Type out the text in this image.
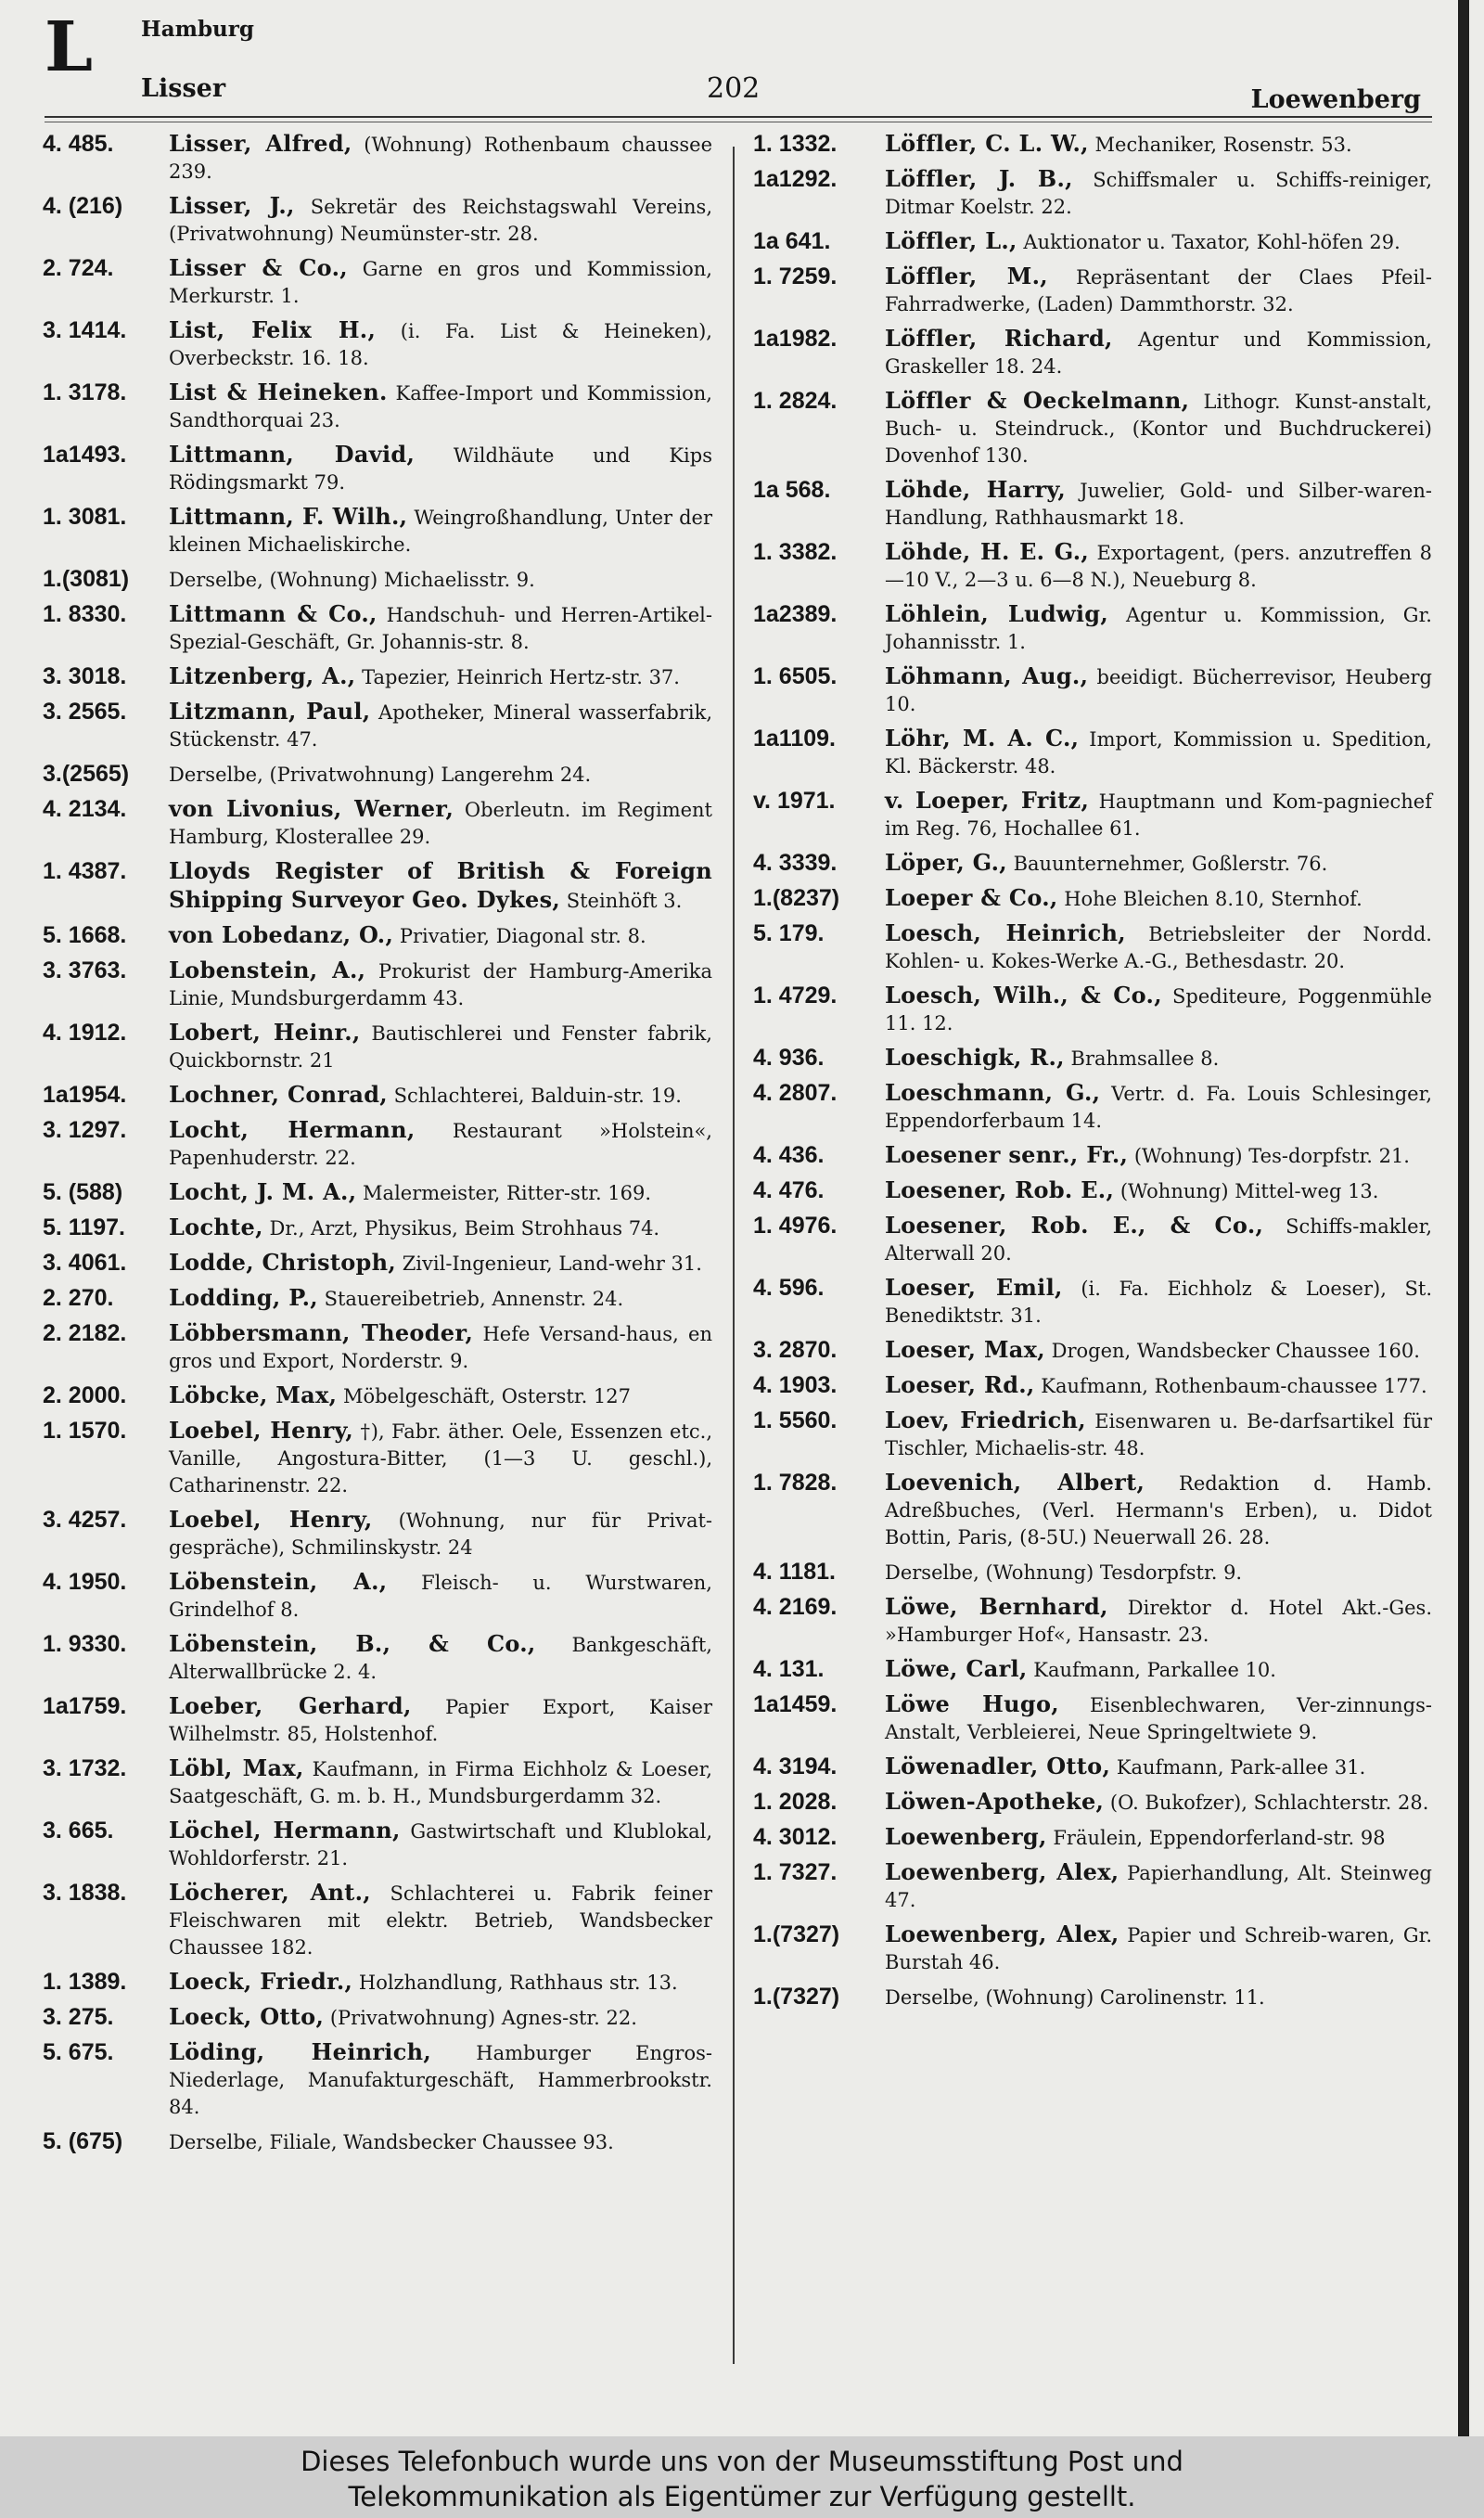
L Hamburg
Lisser	202	Loewenberg
4. 485.	Lisser, Alfred, (Wohnung) Rothenbaum chaussee 239.
4. (216)	Lisser, J., Sekretär des Reichstagswahl Vereins, (Privatwohnung) Neumünster-str. 28.
2. 724.	Lisser & Co., Garne en gros und Kommission, Merkurstr. 1.
3. 1414.	List, Felix H., (i. Fa. List & Heineken), Overbeckstr. 16. 18.
1. 3178.	List & Heineken. Kaffee-Import und Kommission, Sandthorquai 23.
1a1493.	Littmann, David, Wildhäute und Kips Rödingsmarkt 79.
1. 3081.	Littmann, F. Wilh., Weingroßhandlung, Unter der kleinen Michaeliskirche.
1.(3081)	Derselbe, (Wohnung) Michaelisstr. 9.
1. 8330.	Littmann & Co., Handschuh- und Herren-Artikel-Spezial-Geschäft, Gr. Johannis-str. 8.
3. 3018.	Litzenberg, A., Tapezier, Heinrich Hertz-str. 37.
3. 2565.	Litzmann, Paul, Apotheker, Mineral wasserfabrik, Stückenstr. 47.
3.(2565)	Derselbe, (Privatwohnung) Langerehm 24.
4. 2134.	von Livonius, Werner, Oberleutn. im Regiment Hamburg, Klosterallee 29.
1. 4387.	Lloyds Register of British & Foreign Shipping Surveyor Geo. Dykes, Steinhöft 3.
5. 1668.	von Lobedanz, O., Privatier, Diagonal str. 8.
3. 3763.	Lobenstein, A., Prokurist der Hamburg-Amerika Linie, Mundsburgerdamm 43.
4. 1912.	Lobert, Heinr., Bautischlerei und Fenster fabrik, Quickbornstr. 21
1a1954.	Lochner, Conrad, Schlachterei, Balduin-str. 19.
3. 1297.	Locht, Hermann, Restaurant »Holstein«, Papenhuderstr. 22.
5. (588)	Locht, J. M. A., Malermeister, Ritter-str. 169.
5. 1197.	Lochte, Dr., Arzt, Physikus, Beim Strohhaus 74.
3. 4061.	Lodde, Christoph, Zivil-Ingenieur, Land-wehr 31.
2. 270.	Lodding, P., Stauereibetrieb, Annenstr. 24.
2. 2182.	Löbbersmann, Theoder, Hefe Versand-haus, en gros und Export, Norderstr. 9.
2. 2000.	Löbcke, Max, Möbelgeschäft, Osterstr. 127
1. 1570.	Loebel, Henry, †), Fabr. äther. Oele, Essenzen etc., Vanille, Angostura-Bitter, (1—3 U. geschl.), Catharinenstr. 22.
3. 4257.	Loebel, Henry, (Wohnung, nur für Privat-gespräche), Schmilinskystr. 24
4. 1950.	Löbenstein, A., Fleisch- u. Wurstwaren, Grindelhof 8.
1. 9330.	Löbenstein, B., & Co., Bankgeschäft, Alterwallbrücke 2. 4.
1a1759.	Loeber, Gerhard, Papier Export, Kaiser Wilhelmstr. 85, Holstenhof.
3. 1732.	Löbl, Max, Kaufmann, in Firma Eichholz & Loeser, Saatgeschäft, G. m. b. H., Mundsburgerdamm 32.
3. 665.	Löchel, Hermann, Gastwirtschaft und Klublokal, Wohldorferstr. 21.
3. 1838.	Löcherer, Ant., Schlachterei u. Fabrik feiner Fleischwaren mit elektr. Betrieb, Wandsbecker Chaussee 182.
1. 1389.	Loeck, Friedr., Holzhandlung, Rathhaus str. 13.
3. 275.	Loeck, Otto, (Privatwohnung) Agnes-str. 22.
5. 675.	Löding, Heinrich, Hamburger Engros-Niederlage, Manufakturgeschäft, Hammerbrookstr. 84.
5. (675)	Derselbe, Filiale, Wandsbecker Chaussee 93.
1. 1332.	Löffler, C. L. W., Mechaniker, Rosenstr. 53.
1a1292.	Löffler, J. B., Schiffsmaler u. Schiffs-reiniger, Ditmar Koelstr. 22.
1a 641.	Löffler, L., Auktionator u. Taxator, Kohl-höfen 29.
1. 7259.	Löffler, M., Repräsentant der Claes Pfeil-Fahrradwerke, (Laden) Dammthorstr. 32.
1a1982.	Löffler, Richard, Agentur und Kommission, Graskeller 18. 24.
1. 2824.	Löffler & Oeckelmann, Lithogr. Kunst-anstalt, Buch- u. Steindruck., (Kontor und Buchdruckerei) Dovenhof 130.
1a 568.	Löhde, Harry, Juwelier, Gold- und Silber-waren-Handlung, Rathhausmarkt 18.
1. 3382.	Löhde, H. E. G., Exportagent, (pers. anzutreffen 8—10 V., 2—3 u. 6—8 N.), Neueburg 8.
1a2389.	Löhlein, Ludwig, Agentur u. Kommission, Gr. Johannisstr. 1.
1. 6505.	Löhmann, Aug., beeidigt. Bücherrevisor, Heuberg 10.
1a1109.	Löhr, M. A. C., Import, Kommission u. Spedition, Kl. Bäckerstr. 48.
v. 1971.	v. Loeper, Fritz, Hauptmann und Kom-pagniechef im Reg. 76, Hochallee 61.
4. 3339.	Löper, G., Bauunternehmer, Goßlerstr. 76.
1.(8237)	Loeper & Co., Hohe Bleichen 8.10, Sternhof.
5. 179.	Loesch, Heinrich, Betriebsleiter der Nordd. Kohlen- u. Kokes-Werke A.-G., Bethesdastr. 20.
1. 4729.	Loesch, Wilh., & Co., Spediteure, Poggenmühle 11. 12.
4. 936.	Loeschigk, R., Brahmsallee 8.
4. 2807.	Loeschmann, G., Vertr. d. Fa. Louis Schlesinger, Eppendorferbaum 14.
4. 436.	Loesener senr., Fr., (Wohnung) Tes-dorpfstr. 21.
4. 476.	Loesener, Rob. E., (Wohnung) Mittel-weg 13.
1. 4976.	Loesener, Rob. E., & Co., Schiffs-makler, Alterwall 20.
4. 596.	Loeser, Emil, (i. Fa. Eichholz & Loeser), St. Benediktstr. 31.
3. 2870.	Loeser, Max, Drogen, Wandsbecker Chaussee 160.
4. 1903.	Loeser, Rd., Kaufmann, Rothenbaum-chaussee 177.
1. 5560.	Loev, Friedrich, Eisenwaren u. Be-darfsartikel für Tischler, Michaelis-str. 48.
1. 7828.	Loevenich, Albert, Redaktion d. Hamb. Adreßbuches, (Verl. Hermann's Erben), u. Didot Bottin, Paris, (8-5U.) Neuerwall 26. 28.
4. 1181.	Derselbe, (Wohnung) Tesdorpfstr. 9.
4. 2169.	Löwe, Bernhard, Direktor d. Hotel Akt.-Ges. »Hamburger Hof«, Hansastr. 23.
4. 131.	Löwe, Carl, Kaufmann, Parkallee 10.
1a1459.	Löwe Hugo, Eisenblechwaren, Ver-zinnungs-Anstalt, Verbleierei, Neue Springeltwiete 9.
4. 3194.	Löwenadler, Otto, Kaufmann, Park-allee 31.
1. 2028.	Löwen-Apotheke, (O. Bukofzer), Schlachterstr. 28.
4. 3012.	Loewenberg, Fräulein, Eppendorferland-str. 98
1. 7327.	Loewenberg, Alex, Papierhandlung, Alt. Steinweg 47.
1.(7327)	Loewenberg, Alex, Papier und Schreib-waren, Gr. Burstah 46.
1.(7327)	Derselbe, (Wohnung) Carolinenstr. 11.
Dieses Telefonbuch wurde uns von der Museumsstiftung Post und
Telekommunikation als Eigentümer zur Verfügung gestellt.
